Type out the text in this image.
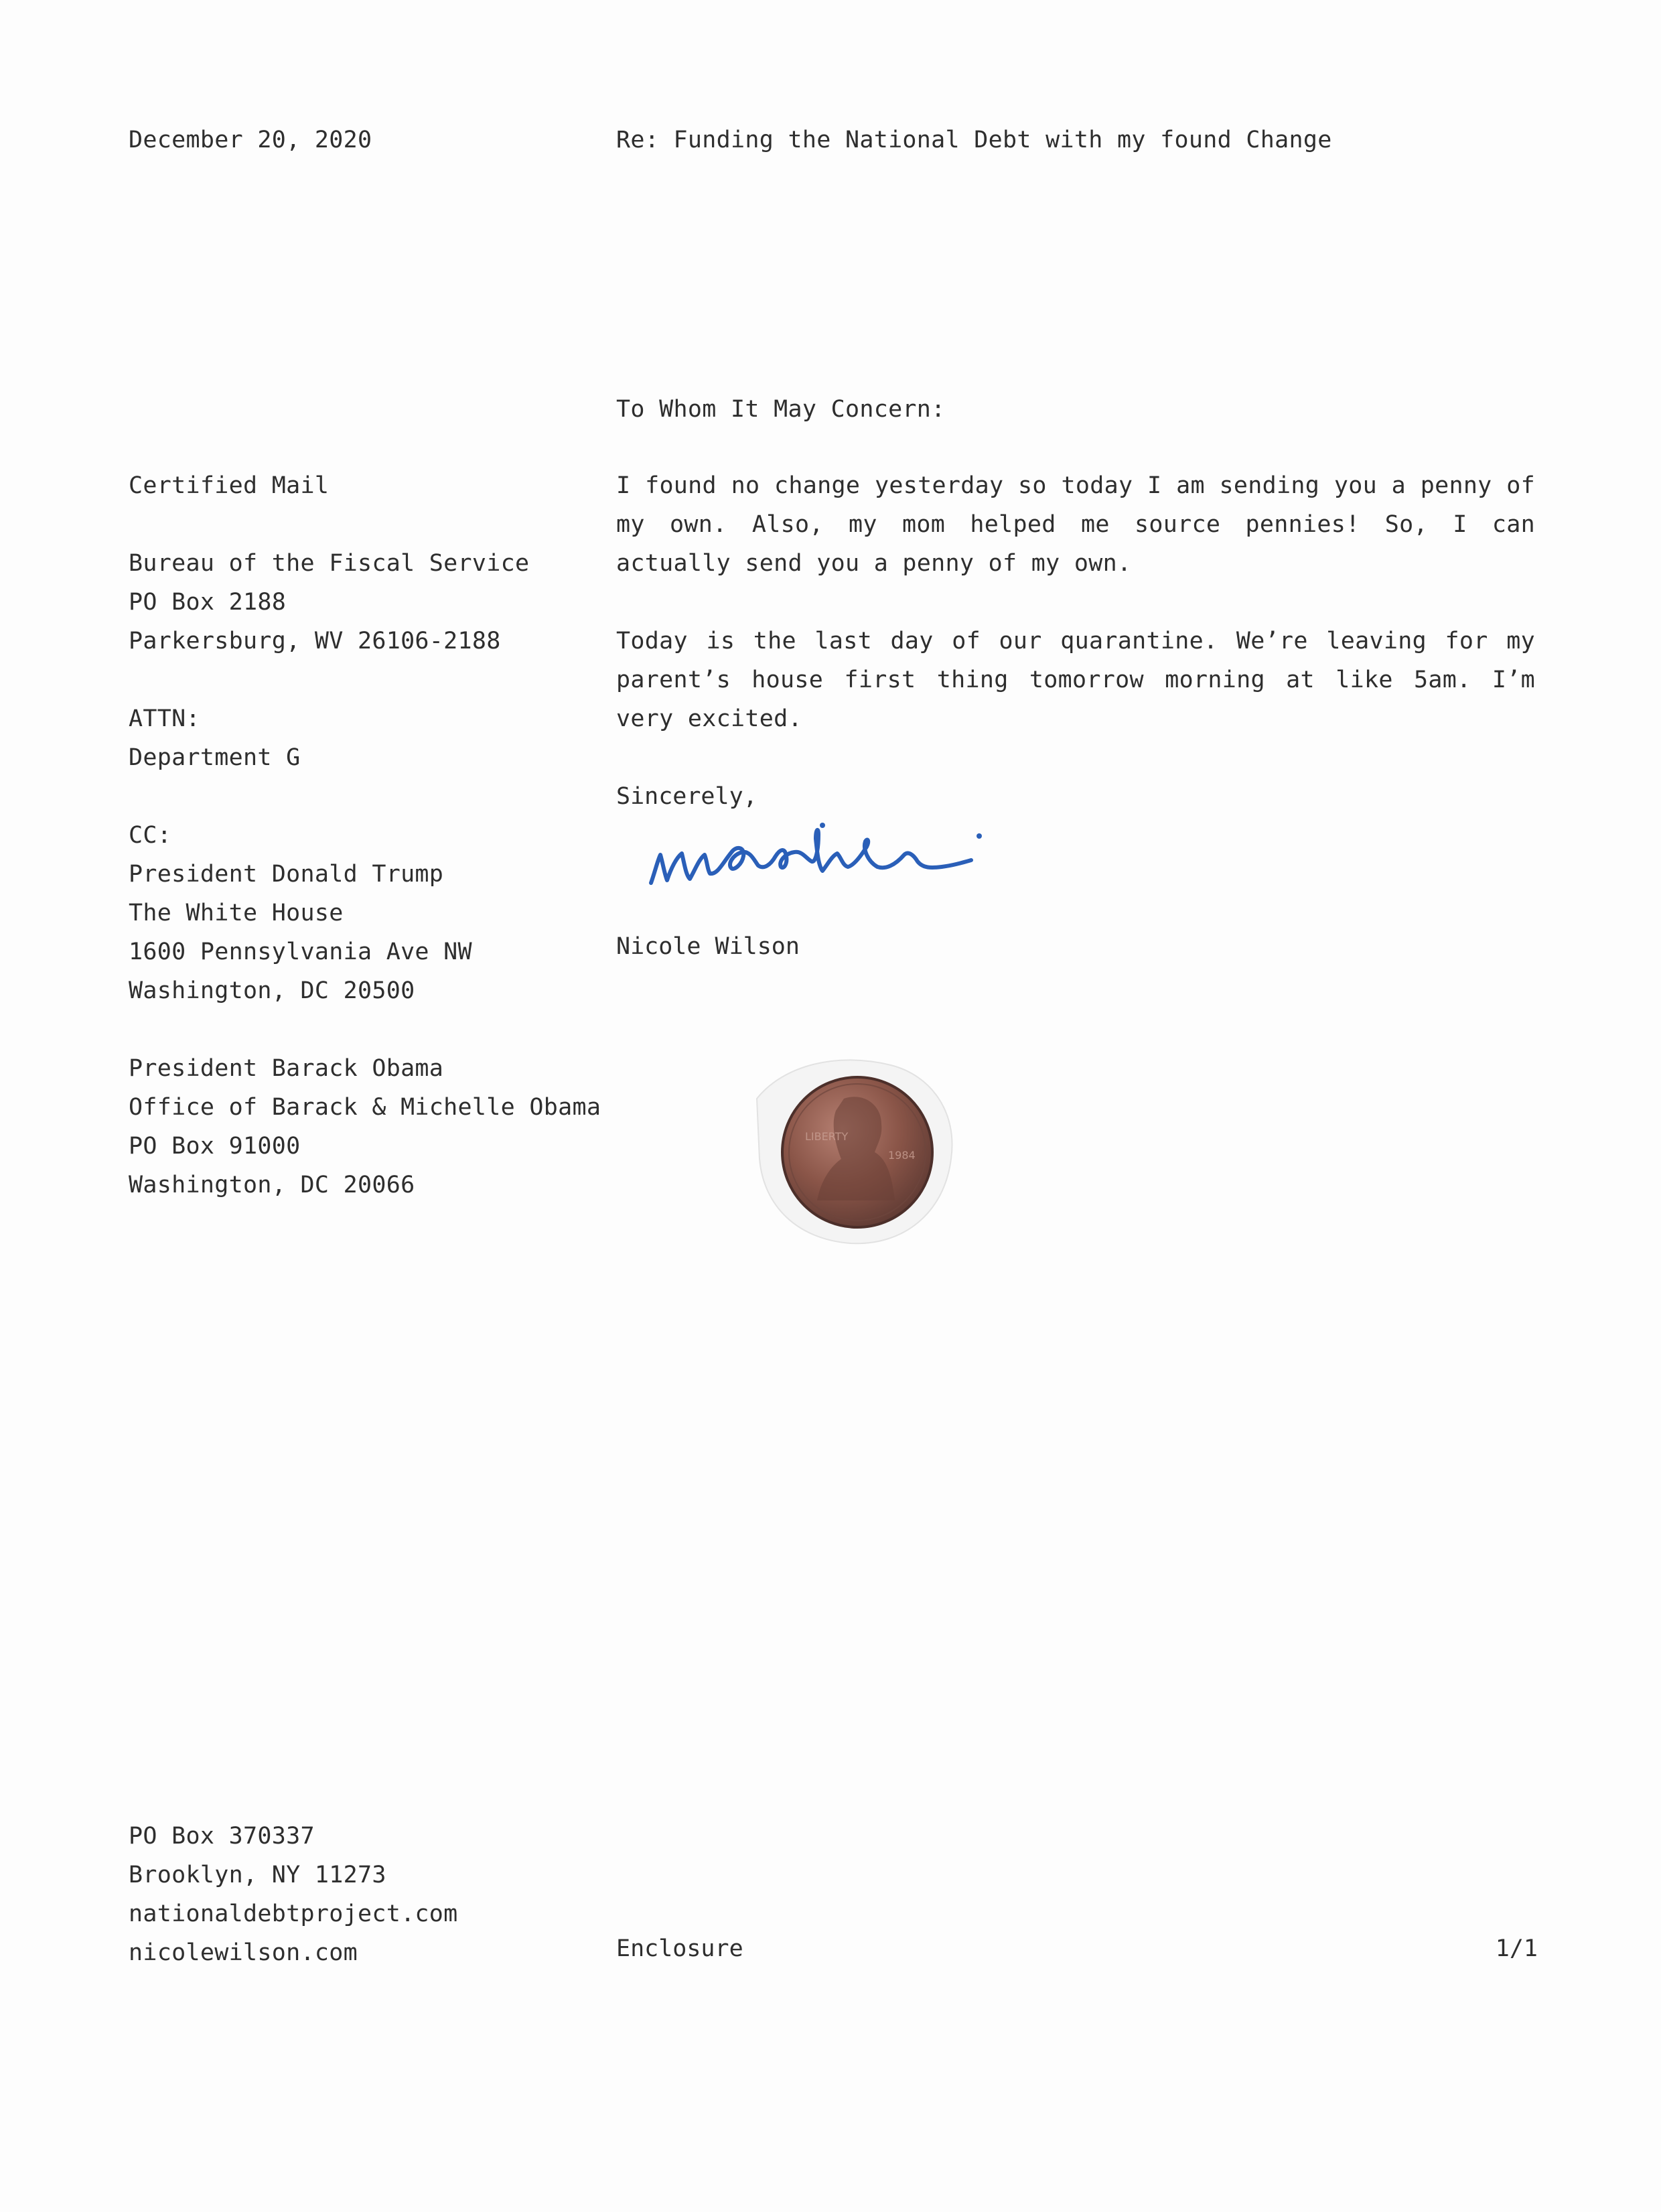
December 20, 2020	Re: Funding the National Debt with my found Change
To Whom It May Concern:
Certified Mail
Bureau of the Fiscal Service
PO Box 2188
Parkersburg, WV 26106-2188
ATTN:
Department G
CC:
President Donald Trump
The White House
1600 Pennsylvania Ave NW
Washington, DC 20500
President Barack Obama
Office of Barack & Michelle Obama
PO Box 91000
Washington, DC 20066

I found no change yesterday so today I am sending you a penny of my own. Also, my mom helped me source pennies! So, I can actually send you a penny of my own.

Today is the last day of our quarantine. We’re leaving for my parent’s house first thing tomorrow morning at like 5am. I’m very excited.

Sincerely,
Nicole Wilson
LIBERTY
1984
PO Box 370337
Brooklyn, NY 11273
nationaldebtproject.com
nicolewilson.com	Enclosure	1/1
